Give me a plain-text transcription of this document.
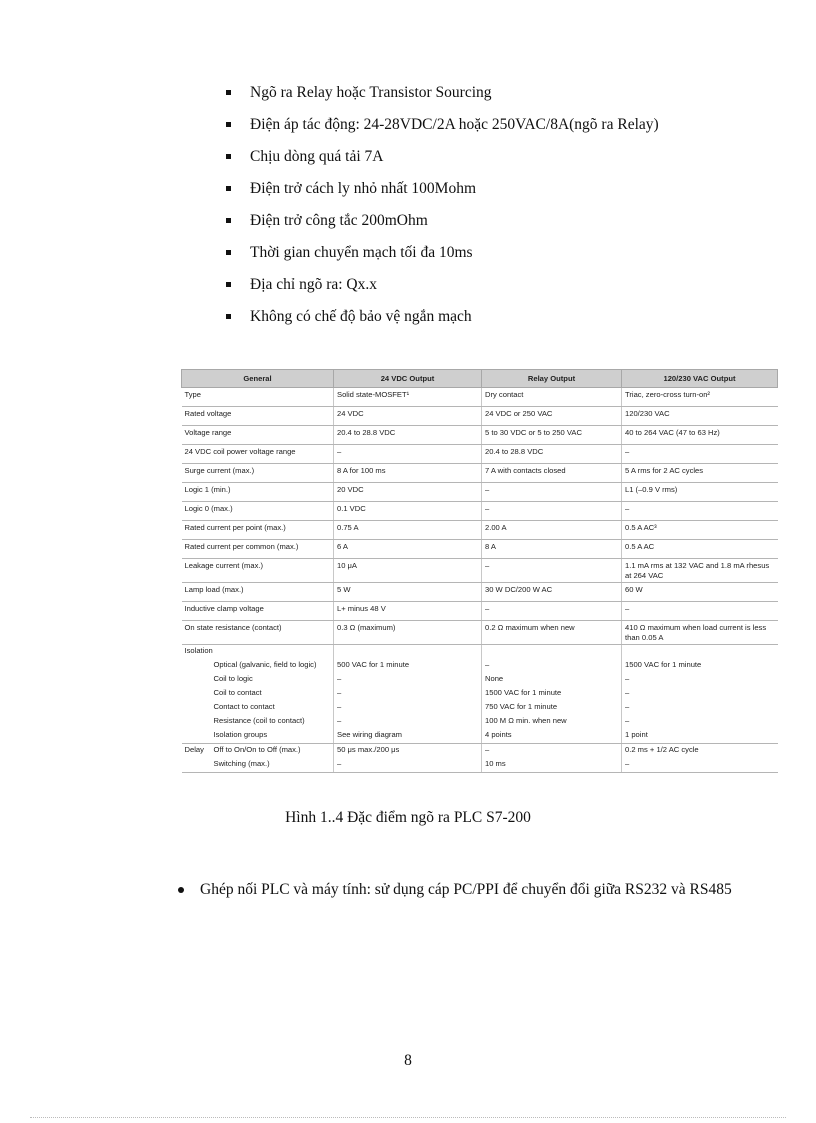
Ngõ ra Relay hoặc Transistor Sourcing
Điện áp tác động: 24-28VDC/2A hoặc 250VAC/8A(ngõ ra Relay)
Chịu dòng quá tải 7A
Điện trở cách ly nhỏ nhất 100Mohm
Điện trở công tắc 200mOhm
Thời gian chuyển mạch tối đa 10ms
Địa chỉ ngõ ra: Qx.x
Không có chế độ bảo vệ ngắn mạch
General	24 VDC Output	Relay Output	120/230 VAC Output
Type	Solid state-MOSFET¹	Dry contact	Triac, zero-cross turn-on²
Rated voltage	24 VDC	24 VDC or 250 VAC	120/230 VAC
Voltage range	20.4 to 28.8 VDC	5 to 30 VDC or 5 to 250 VAC	40 to 264 VAC (47 to 63 Hz)
24 VDC coil power voltage range	–	20.4 to 28.8 VDC	–
Surge current (max.)	8 A for 100 ms	7 A with contacts closed	5 A rms for 2 AC cycles
Logic 1 (min.)	20 VDC	–	L1 (–0.9 V rms)
Logic 0 (max.)	0.1 VDC	–	–
Rated current per point (max.)	0.75 A	2.00 A	0.5 A AC³
Rated current per common (max.)	6 A	8 A	0.5 A AC
Leakage current (max.)	10 μA	–	1.1 mA rms at 132 VAC and 1.8 mA rhesus at 264 VAC
Lamp load (max.)	5 W	30 W DC/200 W AC	60 W
Inductive clamp voltage	L+ minus 48 V	–	–
On state resistance (contact)	0.3 Ω (maximum)	0.2 Ω maximum when new	410 Ω maximum when load current is less than 0.05 A
Isolation			
Optical (galvanic, field to logic)	500 VAC for 1 minute	–	1500 VAC for 1 minute
Coil to logic	–	None	–
Coil to contact	–	1500 VAC for 1 minute	–
Contact to contact	–	750 VAC for 1 minute	–
Resistance (coil to contact)	–	100 M Ω min. when new	–
Isolation groups	See wiring diagram	4 points	1 point
Delay Off to On/On to Off (max.)	50 μs max./200 μs	–	0.2 ms + 1/2 AC cycle
Switching (max.)	–	10 ms	–
Hình 1..4 Đặc điểm ngõ ra PLC S7-200
Ghép nối PLC và máy tính: sử dụng cáp PC/PPI để chuyển đổi giữa RS232 và RS485
8
